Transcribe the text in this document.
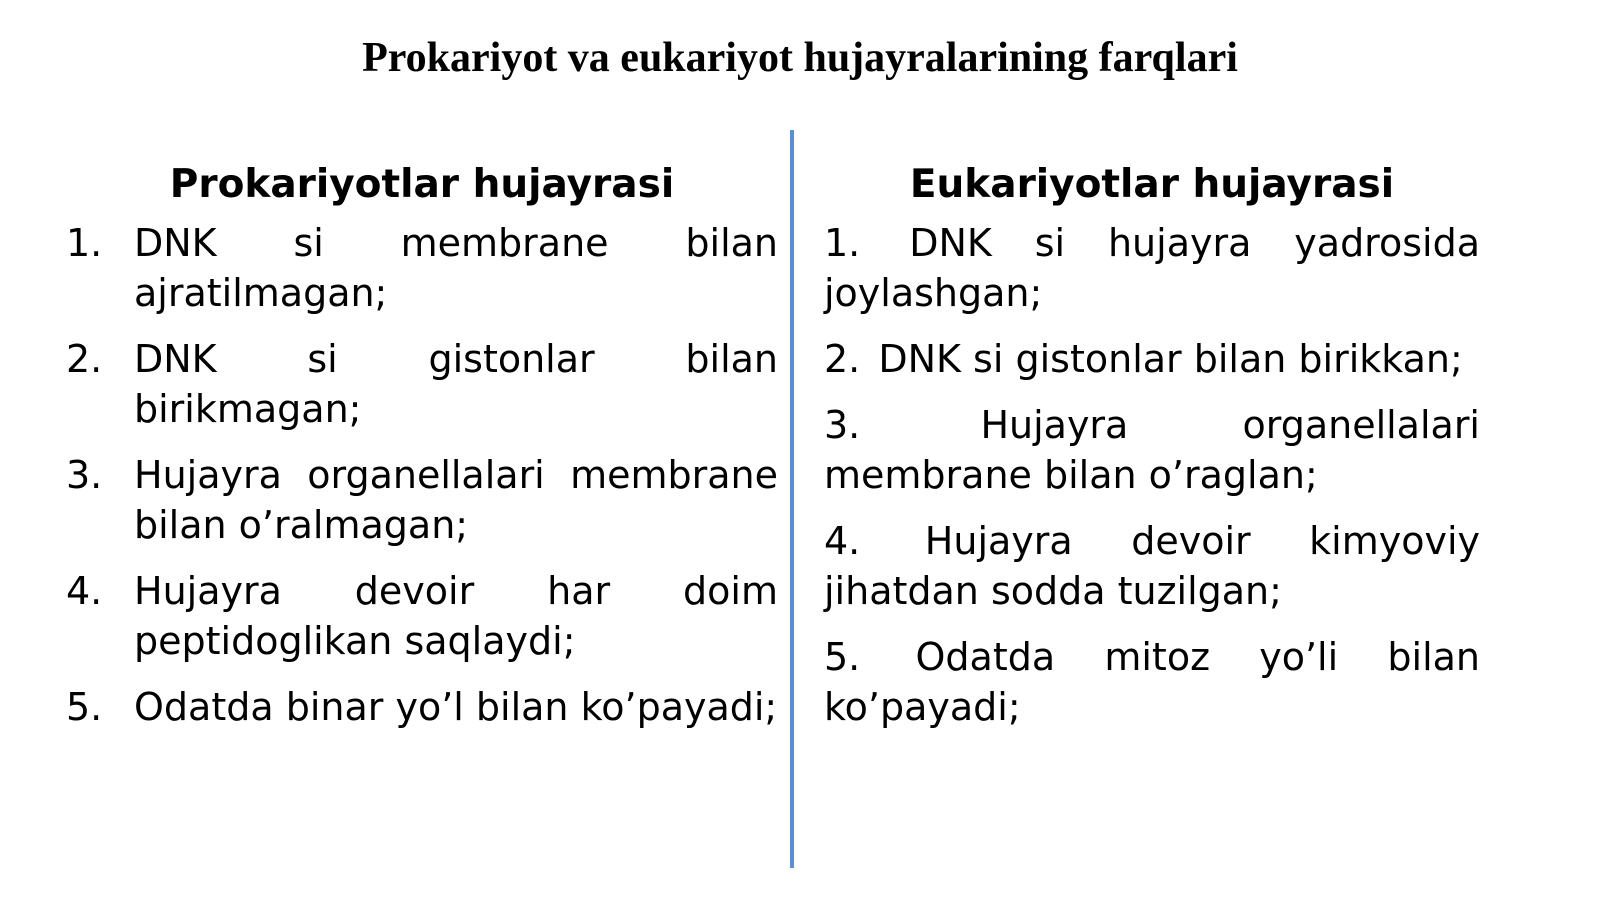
Prokariyot va eukariyot hujayralarining farqlari
Prokariyotlar hujayrasi
1. DNK si membrane bilan ajratilmagan;
2. DNK si gistonlar bilan birikmagan;
3. Hujayra organellalari membrane bilan o’ralmagan;
4. Hujayra devoir har doim peptidoglikan saqlaydi;
5. Odatda binar yo’l bilan ko’payadi;
Eukariyotlar hujayrasi
1. DNK si hujayra yadrosida joylashgan;
2. DNK si gistonlar bilan birikkan;
3.	Hujayra organellalari membrane bilan o’raglan;
4. Hujayra devoir kimyoviy jihatdan sodda tuzilgan;
5. Odatda mitoz yo’li bilan ko’payadi;
